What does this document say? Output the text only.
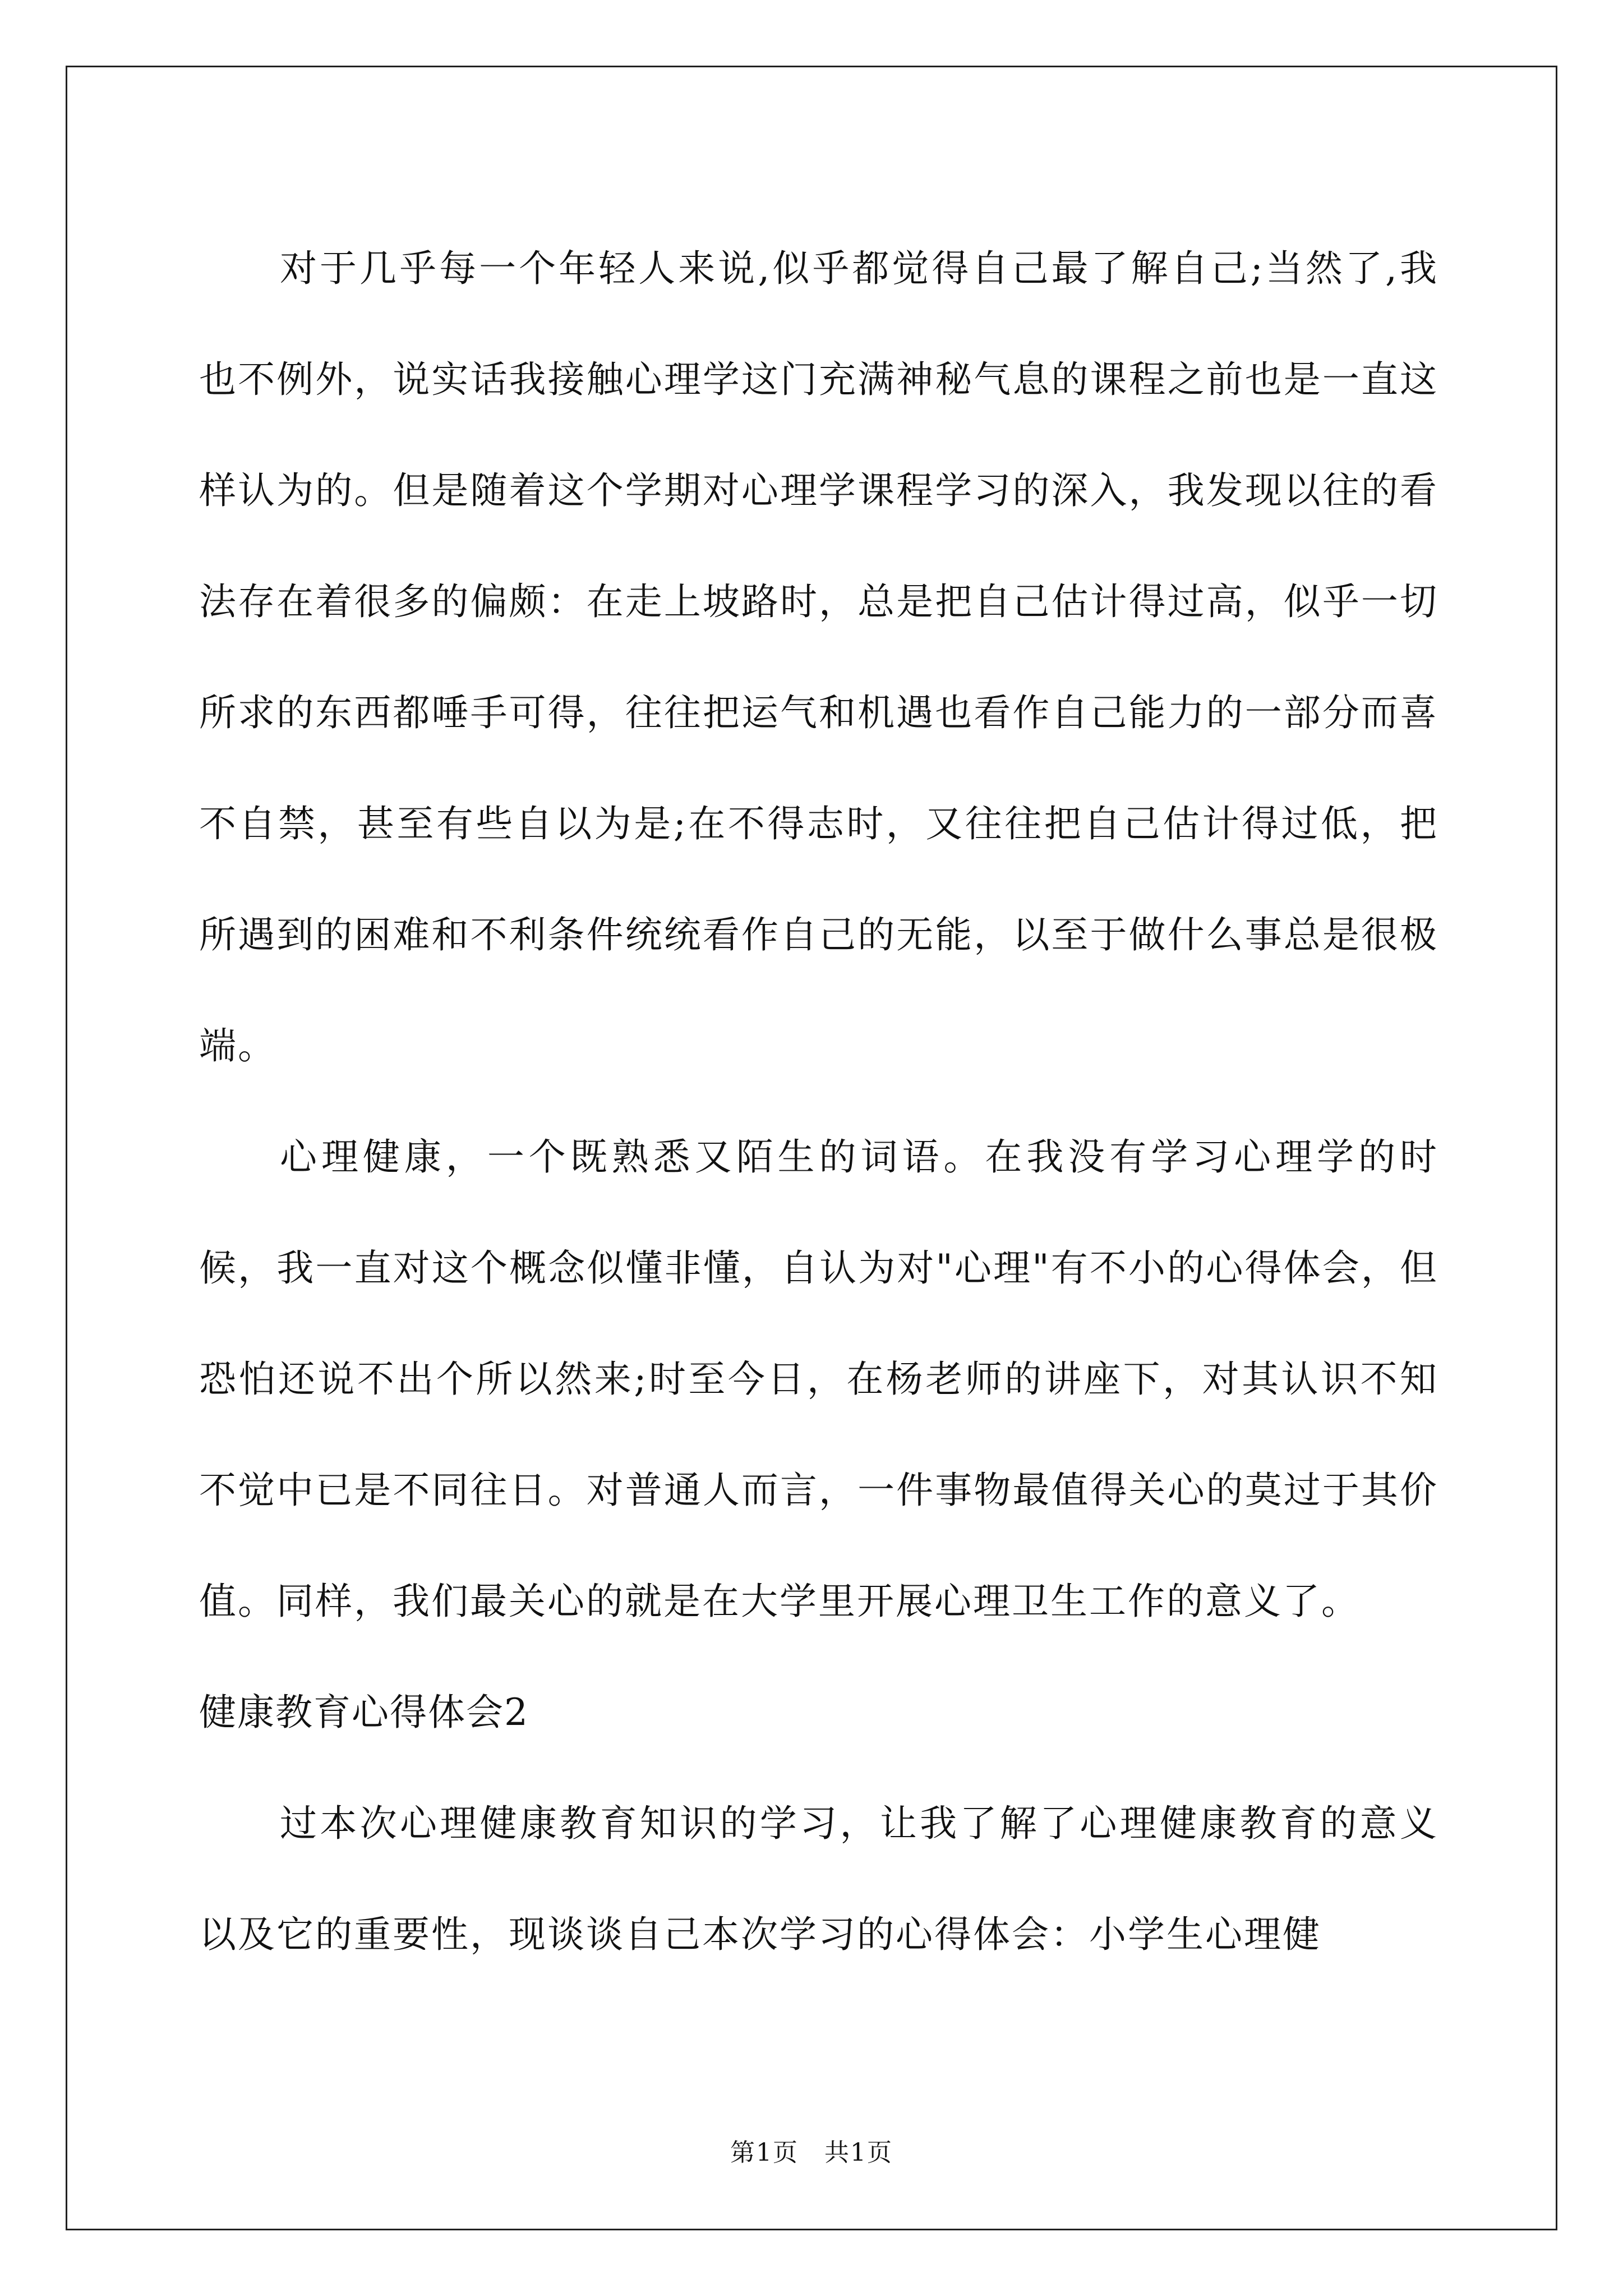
对于几乎每一个年轻人来说,似乎都觉得自己最了解自己;当然了,我也不例外，说实话我接触心理学这门充满神秘气息的课程之前也是一直这样认为的。但是随着这个学期对心理学课程学习的深入，我发现以往的看法存在着很多的偏颇：在走上坡路时，总是把自己估计得过高，似乎一切所求的东西都唾手可得，往往把运气和机遇也看作自己能力的一部分而喜不自禁，甚至有些自以为是;在不得志时，又往往把自己估计得过低，把所遇到的困难和不利条件统统看作自己的无能，以至于做什么事总是很极端。

心理健康，一个既熟悉又陌生的词语。在我没有学习心理学的时候，我一直对这个概念似懂非懂，自认为对"心理"有不小的心得体会，但恐怕还说不出个所以然来;时至今日，在杨老师的讲座下，对其认识不知不觉中已是不同往日。对普通人而言，一件事物最值得关心的莫过于其价值。同样，我们最关心的就是在大学里开展心理卫生工作的意义了。

健康教育心得体会2

过本次心理健康教育知识的学习，让我了解了心理健康教育的意义以及它的重要性，现谈谈自己本次学习的心得体会：小学生心理健

第1页　共1页
